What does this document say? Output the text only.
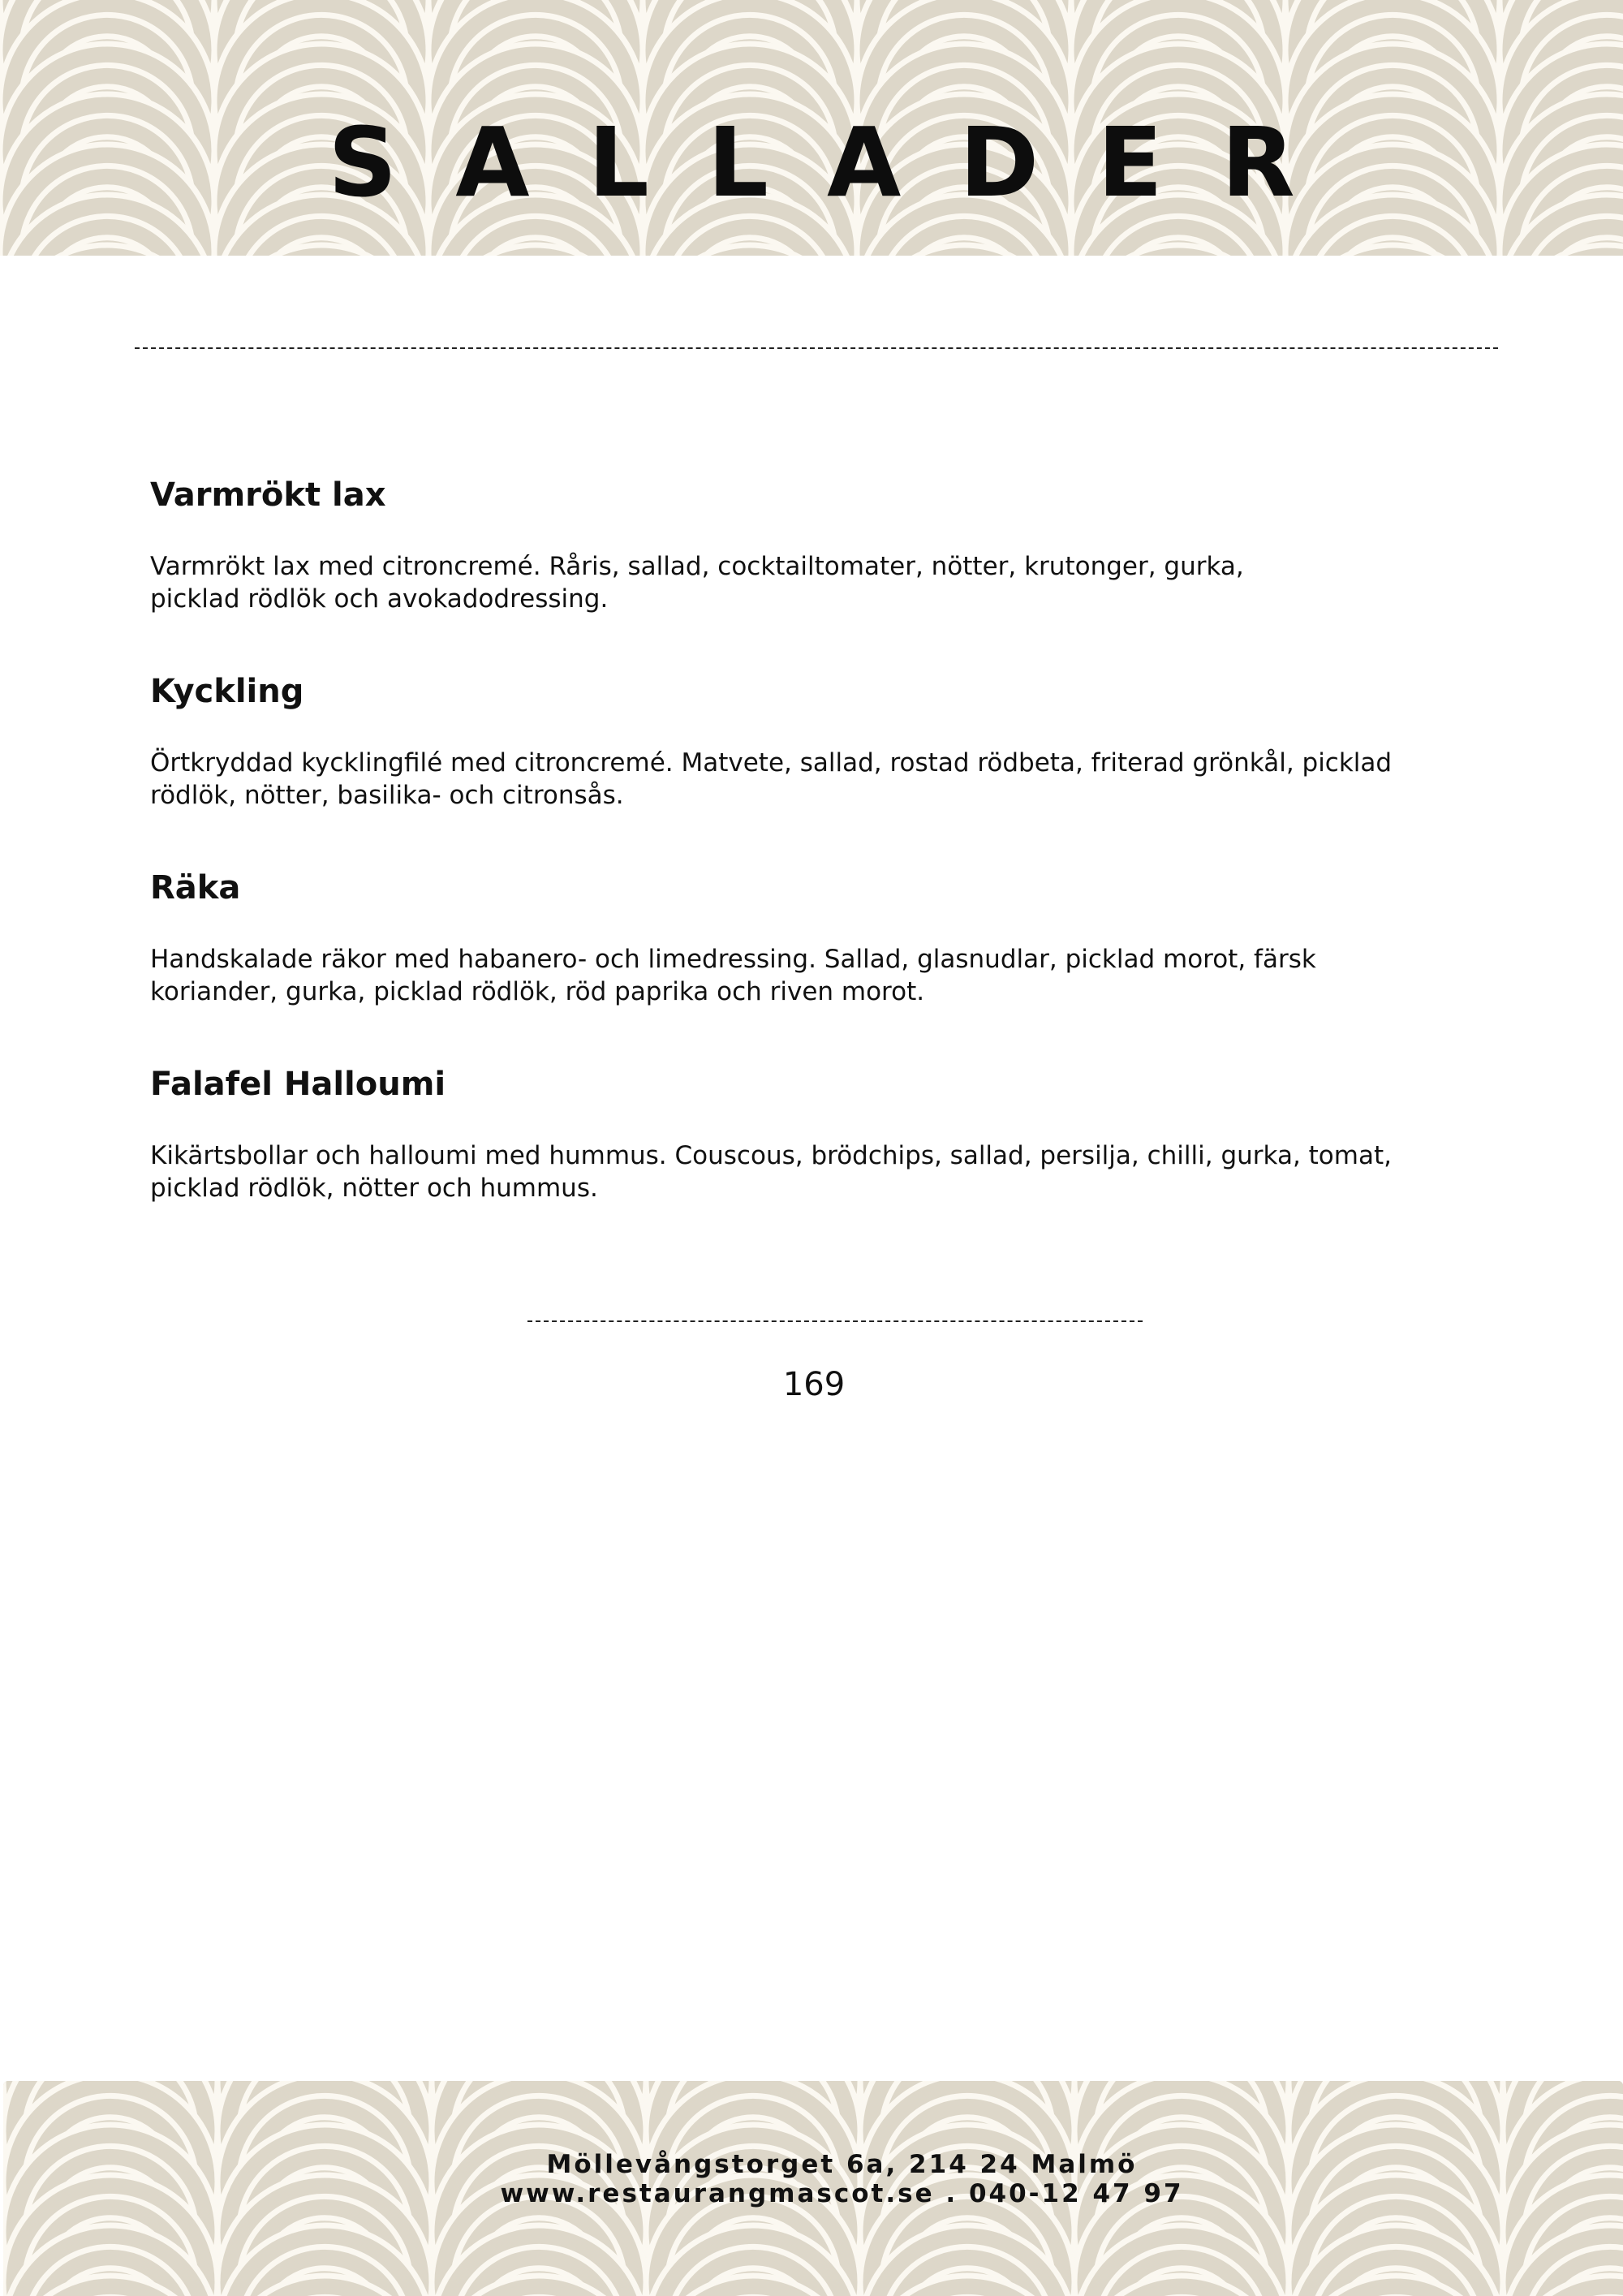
SALLADER
Varmrökt lax

Varmrökt lax med citroncremé. Råris, sallad, cocktailtomater, nötter, krutonger, gurka,
picklad rödlök och avokadodressing.

Kyckling

Örtkryddad kycklingfilé med citroncremé. Matvete, sallad, rostad rödbeta, friterad grönkål, picklad
rödlök, nötter, basilika- och citronsås.

Räka

Handskalade räkor med habanero- och limedressing. Sallad, glasnudlar, picklad morot, färsk
koriander, gurka, picklad rödlök, röd paprika och riven morot.

Falafel Halloumi

Kikärtsbollar och halloumi med hummus. Couscous, brödchips, sallad, persilja, chilli, gurka, tomat,
picklad rödlök, nötter och hummus.

169
Möllevångstorget 6a, 214 24 Malmö
www.restaurangmascot.se . 040-12 47 97
